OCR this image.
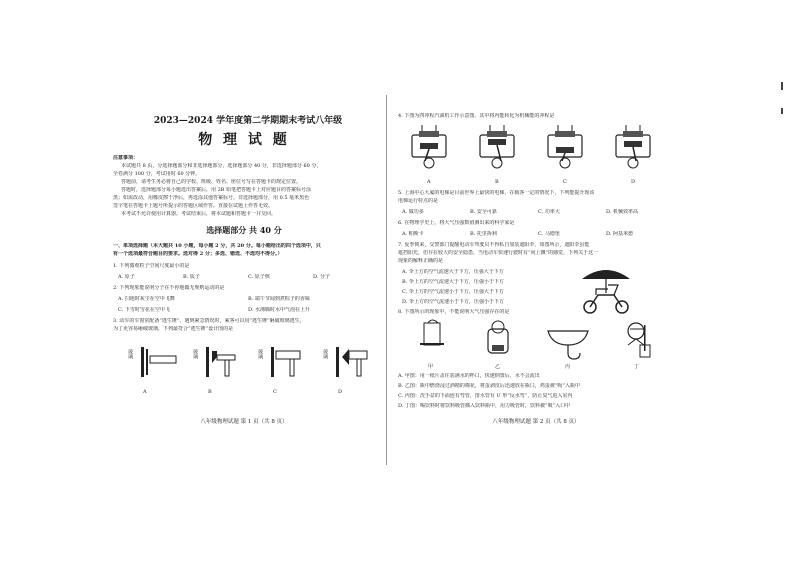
2023—2024 学年度第二学期期末考试八年级
物 理 试 题
注意事项：
本试题共 8 页，分选择题部分和非选择题部分，选择题部分 40 分，非选择题部分 60 分，
全卷满分 100 分，考试用时 60 分钟。
答题前，请考生务必将自己的学校、班级、姓名、座位号写在答题卡的规定位置。
答题时，选择题部分每小题选出答案后，用 2B 铅笔把答题卡上对应题目的答案标号涂
黑；如需改动，用橡皮擦干净后，再选涂其他答案标号。非选择题部分，用 0.5 毫米黑色
签字笔在答题卡上题号所提示的答题区域作答。直接在试题上作答无效。
本考试不允许使用计算器。考试结束后，将本试题和答题卡一并交回。
选择题部分 共 40 分
一、单项选择题（本大题共 10 小题，每小题 2 分，共 20 分。每小题给出的四个选项中，只
有一个选项最符合题目的要求。选对得 2 分；多选、错选、不选均不得分。）
1. 下列微观粒子空间尺度最小的是
A. 原子	B. 质子	C. 原子核	D. 分子
2. 下列现象能说明分子在不停地做无规则运动的是
A. 扫地时灰尘在空中飞舞	B. 端午节闻到煮粽子的香味
C. 下雪时雪花在空中飞	D. 水沸腾时水中气泡在上升
3. 动车的车窗常配备“逃生锤”，遇到紧急情况时，乘客可以用“逃生锤”砸破玻璃逃生，
为了更容易砸破玻璃，下列最符合“逃生锤”设计图的是
玻璃	玻璃	玻璃	玻璃
A	B	C	D
八年级物理试题 第 1 页（共 8 页）
4. 下图为四冲程汽油机工作示意图，其中将内能转化为机械能的冲程是
A	B	C	D
5. 上海中心大厦的电梯是目前世界上最快的电梯，在载客一定的情况下，下列能提升现该
电梯运行特点的是
A. 做功多	B. 安全可靠	C. 功率大	D. 机械效率高
6. 在物理学史上，将大气压强数值测出来的科学家是
A. 帕斯卡	B. 托里拆利	C. 马德堡	D. 阿基米德
7. 夏季到来，交警部门提醒电动车驾驶员不得私自加装遮阳伞，如图所示，遮阳伞虽能
遮挡阳光，但存在较大的安全隐患，当电动车快速行驶时有“向上飘”的感觉，下列关于这一
现象的解释正确的是
A. 伞上方的空气流速大于下方，压强大于下方
B. 伞上方的空气流速大于下方，压强小于下方
C. 伞上方的空气流速小于下方，压强大于下方
D. 伞上方的空气流速小于下方，压强小于下方
8. 下图所示的现象中，不能说明大气压强存在的是
甲	乙	丙	丁
A. 甲图：用一纸片盖住装满水的杯口，快速倒置后，水不会流出
B. 乙图：瓶中燃烧浸过酒精的棉花，将蛋剥皮后迅速放在瓶口，鸡蛋被“吸”入瓶中
C. 丙图：洗手盆的下面连有弯管，排水管有 U 形“反水弯”，防止臭气进入室内
D. 丁图：喝饮料时将饮料吸管插入饮料瓶中，用力吸管时，饮料被“吸”入口中
八年级物理试题 第 2 页（共 8 页）
